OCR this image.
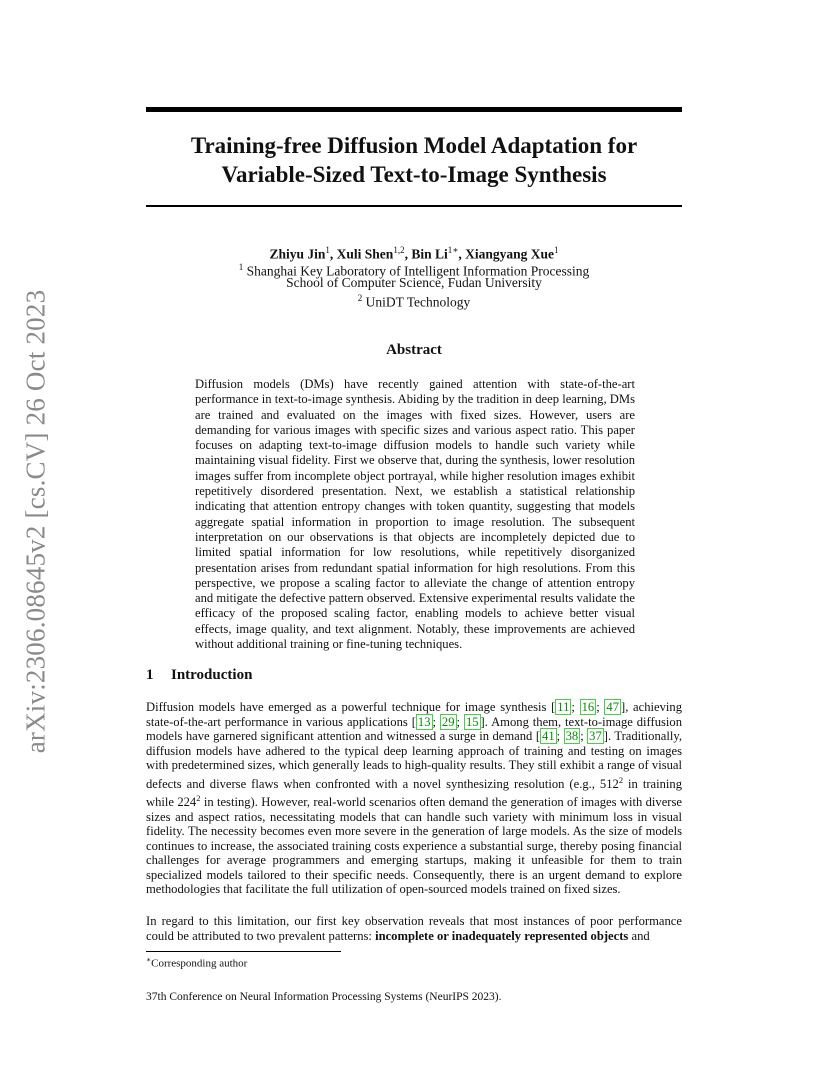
arXiv:2306.08645v2 [cs.CV] 26 Oct 2023
Training-free Diffusion Model Adaptation for
Variable-Sized Text-to-Image Synthesis

Zhiyu Jin$^1$, Xuli Shen$^{1,2}$, Bin $Li^{1∗}$, Xiangyang Xue$^1$

$^1$ Shanghai Key Laboratory of Intelligent Information Processing

School of Computer Science, Fudan University

$^2$ UniDT Technology

Abstract

Diffusion models (DMs) have recently gained attention with state-of-the-art performance in text-to-image synthesis. Abiding by the tradition in deep learning, DMs are trained and evaluated on the images with fixed sizes. However, users are demanding for various images with specific sizes and various aspect ratio. This paper focuses on adapting text-to-image diffusion models to handle such variety while maintaining visual fidelity. First we observe that, during the synthesis, lower resolution images suffer from incomplete object portrayal, while higher resolution images exhibit repetitively disordered presentation. Next, we establish a statistical relationship indicating that attention entropy changes with token quantity, suggesting that models aggregate spatial information in proportion to image resolution. The subsequent interpretation on our observations is that objects are incompletely depicted due to limited spatial information for low resolutions, while repetitively disorganized presentation arises from redundant spatial information for high resolutions. From this perspective, we propose a scaling factor to alleviate the change of attention entropy and mitigate the defective pattern observed. Extensive experimental results validate the efficacy of the proposed scaling factor, enabling models to achieve better visual effects, image quality, and text alignment. Notably, these improvements are achieved without additional training or fine-tuning techniques.

1 Introduction

Diffusion models have emerged as a powerful technique for image synthesis [ 11 ; 16 ; 47 ], achieving state-of-the-art performance in various applications [ 13 ; 29 ; 15 ]. Among them, text-to-image diffusion models have garnered significant attention and witnessed a surge in demand [ 41 ; 38 ; 37 ]. Traditionally, diffusion models have adhered to the typical deep learning approach of training and testing on images with predetermined sizes, which generally leads to high-quality results. They still exhibit a range of visual defects and diverse flaws when confronted with a novel synthesizing resolution (e.g., $512^2$ in training while $224^2$ in testing). However, real-world scenarios often demand the generation of images with diverse sizes and aspect ratios, necessitating models that can handle such variety with minimum loss in visual fidelity. The necessity becomes even more severe in the generation of large models. As the size of models continues to increase, the associated training costs experience a substantial surge, thereby posing financial challenges for average programmers and emerging startups, making it unfeasible for them to train specialized models tailored to their specific needs. Consequently, there is an urgent demand to explore methodologies that facilitate the full utilization of open-sourced models trained on fixed sizes.

In regard to this limitation, our first key observation reveals that most instances of poor performance could be attributed to two prevalent patterns: incomplete or inadequately represented objects and

∗Corresponding author

37th Conference on Neural Information Processing Systems (NeurIPS 2023).
